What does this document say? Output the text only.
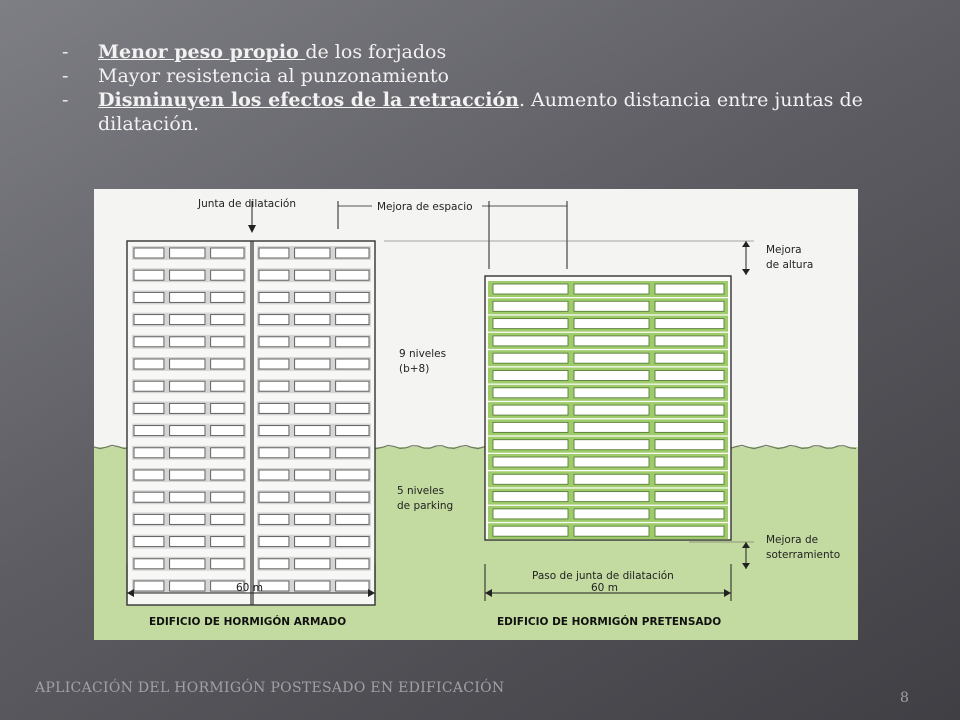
-	Menor peso propio de los forjados
-	Mayor resistencia al punzonamiento
-	Disminuyen los efectos de la retracción. Aumento distancia entre juntas de dilatación.
Junta de dilatación	Mejora de espacio
Mejora
de altura
9 niveles
(b+8)
5 niveles
de parking
Mejora de
soterramiento
60 m
Paso de junta de dilatación
60 m
EDIFICIO DE HORMIGÓN ARMADO	EDIFICIO DE HORMIGÓN PRETENSADO
APLICACIÓN DEL HORMIGÓN POSTESADO EN EDIFICACIÓN
8
